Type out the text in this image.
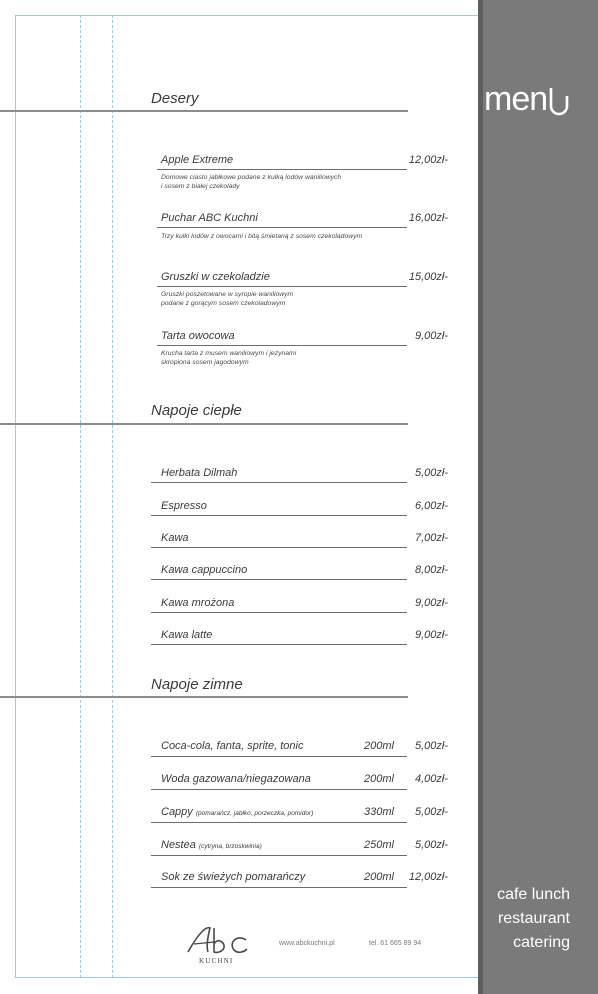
men
cafe lunch
restaurant
catering
Desery
Apple Extreme	12,00zł-
Domowe ciasto jabłkowe podane z kulką lodów waniliowych
i sosem z białej czekolady
Puchar ABC Kuchni	16,00zł-
Trzy kulki lodów z owocami i bitą śmietaną z sosem czekoladowym
Gruszki w czekoladzie	15,00zł-
Gruszki poszetowane w syropie waniliowym
podane z gorącym sosem czekoladowym
Tarta owocowa	9,00zł-
Krucha tarta z musem waniliowym i jeżynami
skropiona sosem jagodowym
Napoje ciepłe
Herbata Dilmah	5,00zł-
Espresso	6,00zł-
Kawa	7,00zł-
Kawa cappuccino	8,00zł-
Kawa mrożona	9,00zł-
Kawa latte	9,00zł-
Napoje zimne
Coca-cola, fanta, sprite, tonic	200ml 5,00zł-
Woda gazowana/niegazowana	200ml 4,00zł-
Cappy (pomarańcz, jabłko, porzeczka, pomidor)	330ml 5,00zł-
Nestea (cytryna, brzoskwinia)	250ml 5,00zł-
Sok ze świeżych pomarańczy	200ml 12,00zł-
KUCHNI
www.abckuchni.pl	tel. 61 665 89 94
